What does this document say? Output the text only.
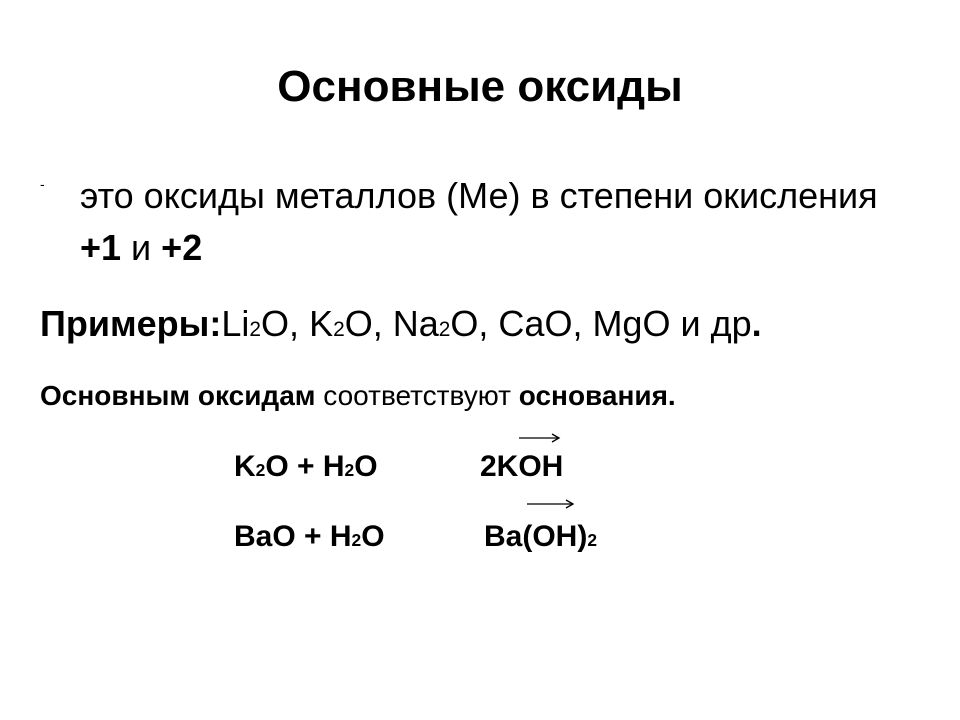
Основные оксиды
- это оксиды металлов (Ме) в степени окисления +1 и +2
Примеры:Li2O, K2O, Na2O, CaO, MgO и др.
Основным оксидам соответствуют основания.
K2O + H2O	2KOH
BaO + H2O	Ba(OH)2
